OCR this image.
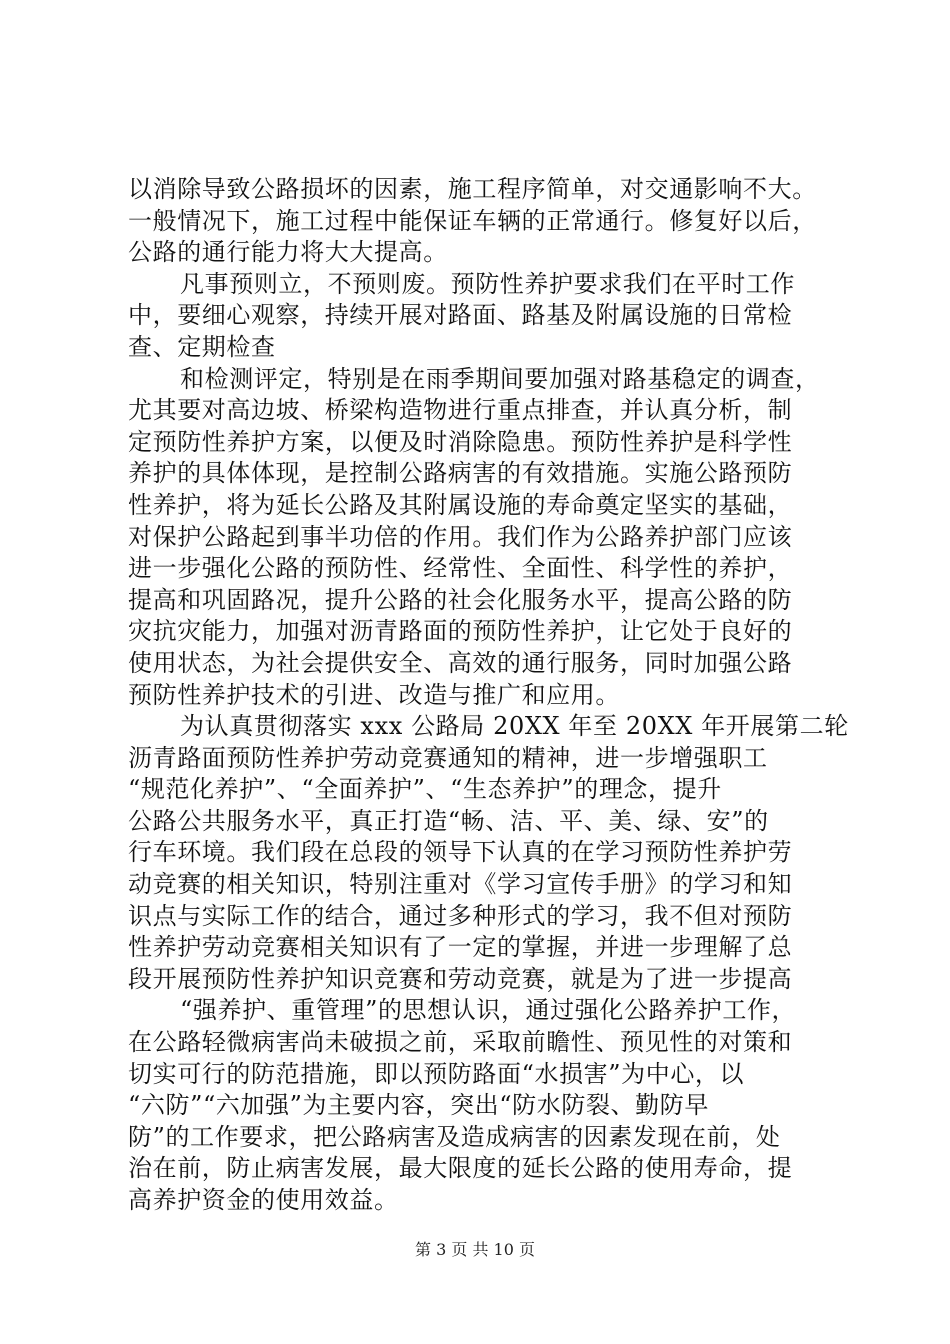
以消除导致公路损坏的因素，施工程序简单，对交通影响不大。
一般情况下，施工过程中能保证车辆的正常通行。修复好以后，
公路的通行能力将大大提高。
凡事预则立，不预则废。预防性养护要求我们在平时工作
中，要细心观察，持续开展对路面、路基及附属设施的日常检
查、定期检查
和检测评定，特别是在雨季期间要加强对路基稳定的调查，
尤其要对高边坡、桥梁构造物进行重点排查，并认真分析，制
定预防性养护方案，以便及时消除隐患。预防性养护是科学性
养护的具体体现，是控制公路病害的有效措施。实施公路预防
性养护，将为延长公路及其附属设施的寿命奠定坚实的基础，
对保护公路起到事半功倍的作用。我们作为公路养护部门应该
进一步强化公路的预防性、经常性、全面性、科学性的养护，
提高和巩固路况，提升公路的社会化服务水平，提高公路的防
灾抗灾能力，加强对沥青路面的预防性养护，让它处于良好的
使用状态，为社会提供安全、高效的通行服务，同时加强公路
预防性养护技术的引进、改造与推广和应用。
为认真贯彻落实 xxx 公路局 20XX 年至 20XX 年开展第二轮
沥青路面预防性养护劳动竞赛通知的精神，进一步增强职工
“规范化养护”、“全面养护”、“生态养护”的理念，提升
公路公共服务水平，真正打造“畅、洁、平、美、绿、安”的
行车环境。我们段在总段的领导下认真的在学习预防性养护劳
动竞赛的相关知识，特别注重对《学习宣传手册》的学习和知
识点与实际工作的结合，通过多种形式的学习，我不但对预防
性养护劳动竞赛相关知识有了一定的掌握，并进一步理解了总
段开展预防性养护知识竞赛和劳动竞赛，就是为了进一步提高
“强养护、重管理”的思想认识，通过强化公路养护工作，
在公路轻微病害尚未破损之前，采取前瞻性、预见性的对策和
切实可行的防范措施，即以预防路面“水损害”为中心，以
“六防”“六加强”为主要内容，突出“防水防裂、勤防早
防”的工作要求，把公路病害及造成病害的因素发现在前，处
治在前，防止病害发展，最大限度的延长公路的使用寿命，提
高养护资金的使用效益。
第 3 页 共 10 页
